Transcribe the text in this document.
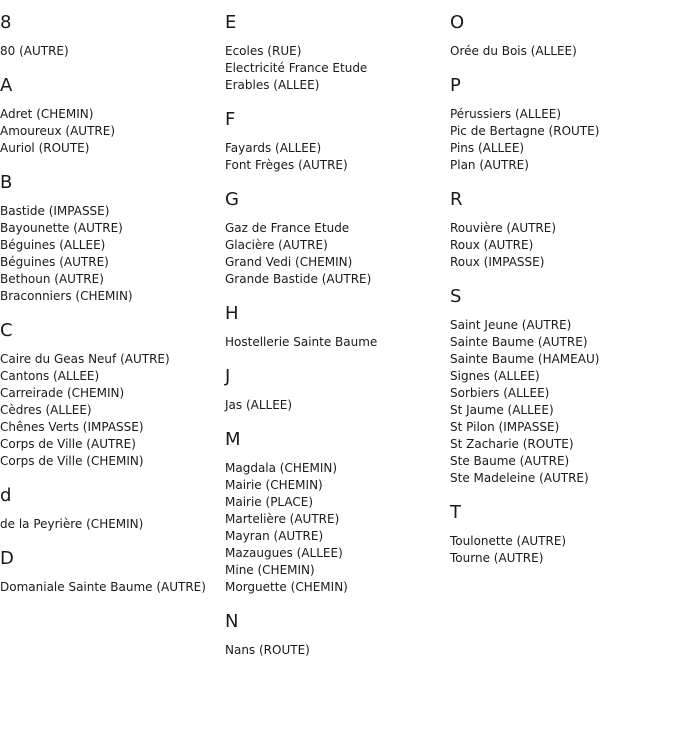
8
80 (AUTRE)
A
Adret (CHEMIN)
Amoureux (AUTRE)
Auriol (ROUTE)
B
Bastide (IMPASSE)
Bayounette (AUTRE)
Béguines (ALLEE)
Béguines (AUTRE)
Bethoun (AUTRE)
Braconniers (CHEMIN)
C
Caire du Geas Neuf (AUTRE)
Cantons (ALLEE)
Carreirade (CHEMIN)
Cèdres (ALLEE)
Chênes Verts (IMPASSE)
Corps de Ville (AUTRE)
Corps de Ville (CHEMIN)
d
de la Peyrière (CHEMIN)
D
Domaniale Sainte Baume (AUTRE)
E
Ecoles (RUE)
Electricité France Etude
Erables (ALLEE)
F
Fayards (ALLEE)
Font Frèges (AUTRE)
G
Gaz de France Etude
Glacière (AUTRE)
Grand Vedi (CHEMIN)
Grande Bastide (AUTRE)
H
Hostellerie Sainte Baume
J
Jas (ALLEE)
M
Magdala (CHEMIN)
Mairie (CHEMIN)
Mairie (PLACE)
Martelière (AUTRE)
Mayran (AUTRE)
Mazaugues (ALLEE)
Mine (CHEMIN)
Morguette (CHEMIN)
N
Nans (ROUTE)
O
Orée du Bois (ALLEE)
P
Pérussiers (ALLEE)
Pic de Bertagne (ROUTE)
Pins (ALLEE)
Plan (AUTRE)
R
Rouvière (AUTRE)
Roux (AUTRE)
Roux (IMPASSE)
S
Saint Jeune (AUTRE)
Sainte Baume (AUTRE)
Sainte Baume (HAMEAU)
Signes (ALLEE)
Sorbiers (ALLEE)
St Jaume (ALLEE)
St Pilon (IMPASSE)
St Zacharie (ROUTE)
Ste Baume (AUTRE)
Ste Madeleine (AUTRE)
T
Toulonette (AUTRE)
Tourne (AUTRE)
